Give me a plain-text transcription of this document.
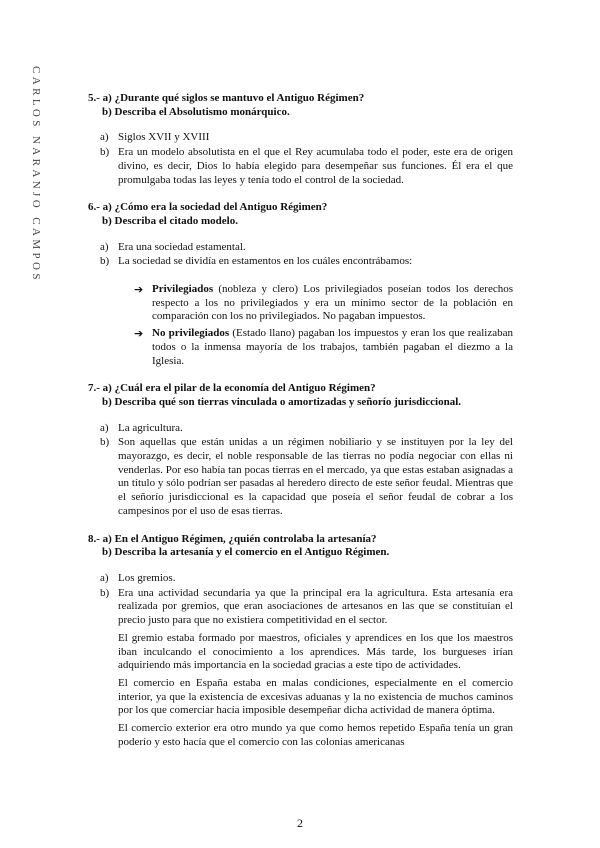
CARLOS NARANJO CAMPOS	5.- a) ¿Durante qué siglos se mantuvo el Antiguo Régimen?
b) Describa el Absolutismo monárquico.
a) Siglos XVII y XVIII
b) Era un modelo absolutista en el que el Rey acumulaba todo el poder, este era de origen divino, es decir, Dios lo había elegido para desempeñar sus funciones. Él era el que promulgaba todas las leyes y tenía todo el control de la sociedad.
6.- a) ¿Cómo era la sociedad del Antiguo Régimen?
b) Describa el citado modelo.
a) Era una sociedad estamental.
b) La sociedad se dividía en estamentos en los cuáles encontrábamos:
➔ Privilegiados (nobleza y clero) Los privilegiados poseían todos los derechos respecto a los no privilegiados y era un mínimo sector de la población en comparación con los no privilegiados. No pagaban impuestos.
➔ No privilegiados (Estado llano) pagaban los impuestos y eran los que realizaban todos o la inmensa mayoría de los trabajos, también pagaban el diezmo a la Iglesia.
7.- a) ¿Cuál era el pilar de la economía del Antiguo Régimen?
b) Describa qué son tierras vinculada o amortizadas y señorío jurisdiccional.
a) La agricultura.
b) Son aquellas que están unidas a un régimen nobiliario y se instituyen por la ley del mayorazgo, es decir, el noble responsable de las tierras no podía negociar con ellas ni venderlas. Por eso había tan pocas tierras en el mercado, ya que estas estaban asignadas a un título y sólo podrían ser pasadas al heredero directo de este señor feudal. Mientras que el señorío jurisdiccional es la capacidad que poseía el señor feudal de cobrar a los campesinos por el uso de esas tierras.
8.- a) En el Antiguo Régimen, ¿quién controlaba la artesanía?
b) Describa la artesanía y el comercio en el Antiguo Régimen.
a) Los gremios.
b) Era una actividad secundaria ya que la principal era la agricultura. Esta artesanía era realizada por gremios, que eran asociaciones de artesanos en las que se constituían el precio justo para que no existiera competitividad en el sector.
El gremio estaba formado por maestros, oficiales y aprendices en los que los maestros iban inculcando el conocimiento a los aprendices. Más tarde, los burgueses irían adquiriendo más importancia en la sociedad gracias a este tipo de actividades.
El comercio en España estaba en malas condiciones, especialmente en el comercio interior, ya que la existencia de excesivas aduanas y la no existencia de muchos caminos por los que comerciar hacía imposible desempeñar dicha actividad de manera óptima.
El comercio exterior era otro mundo ya que como hemos repetido España tenía un gran poderío y esto hacía que el comercio con las colonias americanas
2
